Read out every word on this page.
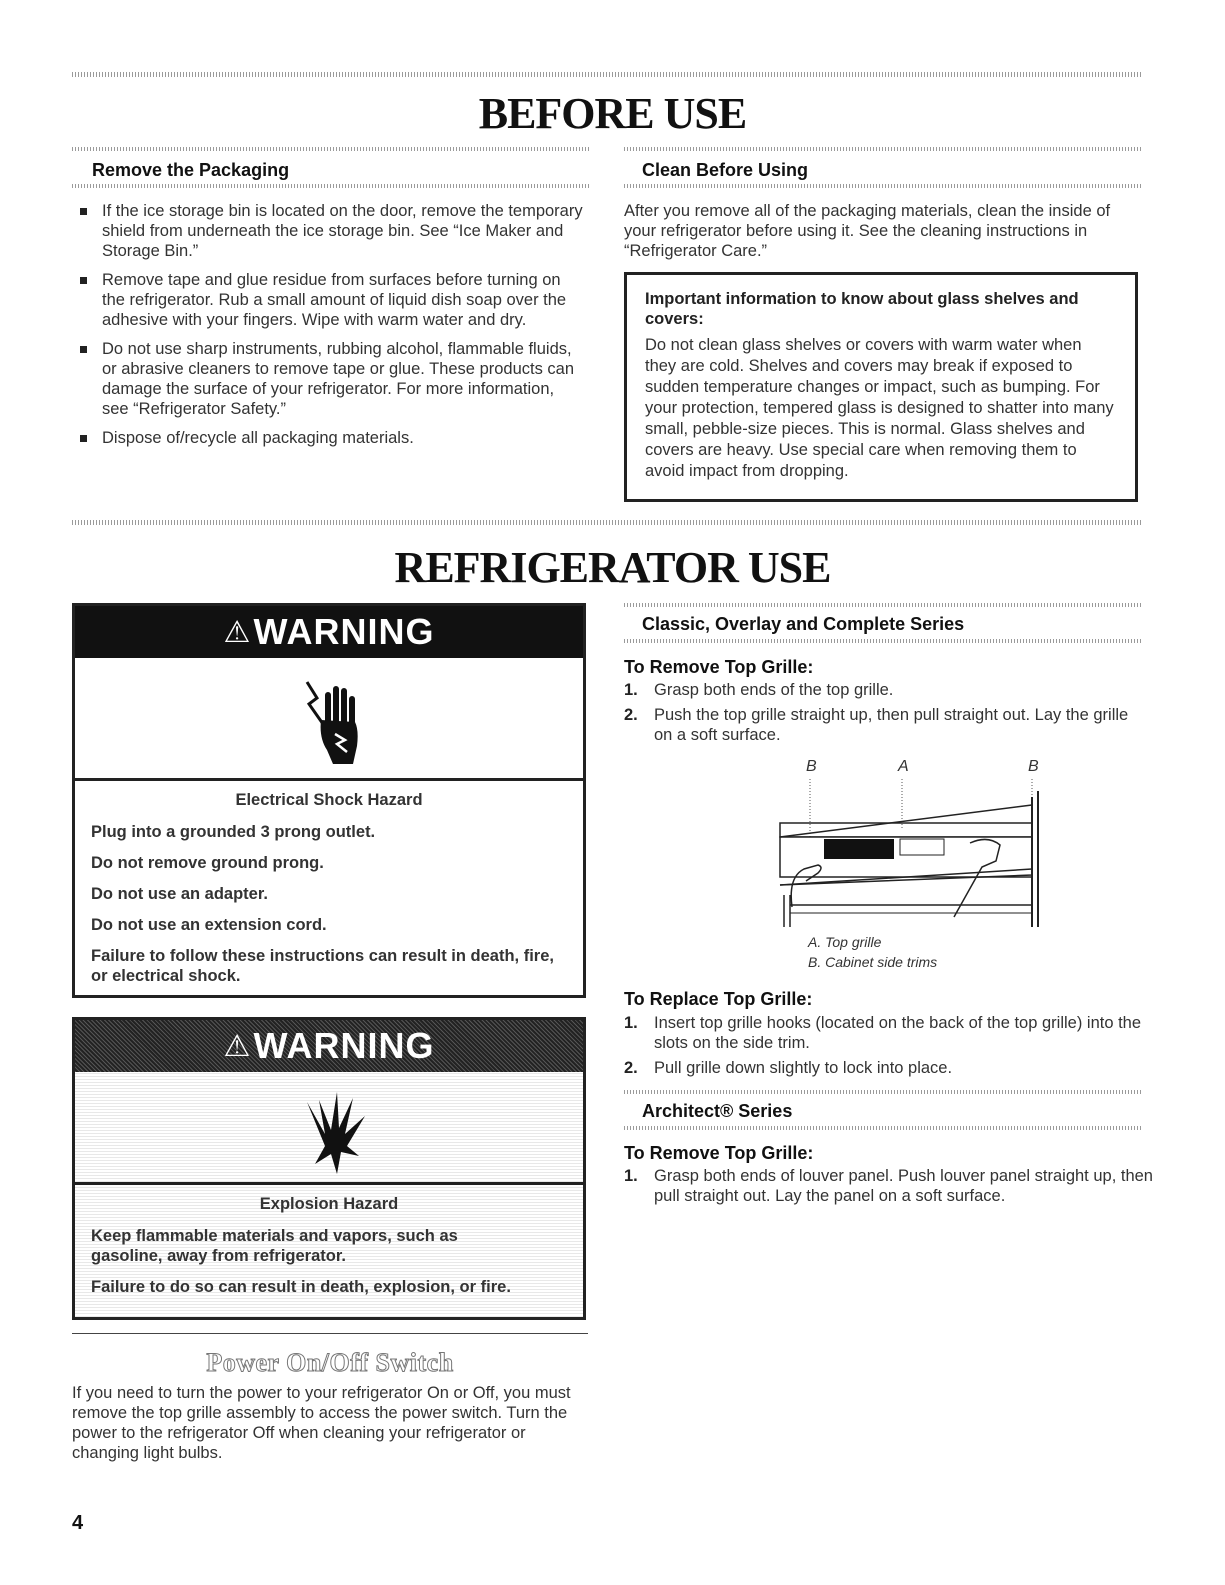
BEFORE USE
Remove the Packaging
If the ice storage bin is located on the door, remove the temporary shield from underneath the ice storage bin. See “Ice Maker and Storage Bin.”
Remove tape and glue residue from surfaces before turning on the refrigerator. Rub a small amount of liquid dish soap over the adhesive with your fingers. Wipe with warm water and dry.
Do not use sharp instruments, rubbing alcohol, flammable fluids, or abrasive cleaners to remove tape or glue. These products can damage the surface of your refrigerator. For more information, see “Refrigerator Safety.”
Dispose of/recycle all packaging materials.
Clean Before Using

After you remove all of the packaging materials, clean the inside of your refrigerator before using it. See the cleaning instructions in “Refrigerator Care.”

Important information to know about glass shelves and covers:

Do not clean glass shelves or covers with warm water when they are cold. Shelves and covers may break if exposed to sudden temperature changes or impact, such as bumping. For your protection, tempered glass is designed to shatter into many small, pebble-size pieces. This is normal. Glass shelves and covers are heavy. Use special care when removing them to avoid impact from dropping.

REFRIGERATOR USE
⚠WARNING
Electrical Shock Hazard

Plug into a grounded 3 prong outlet.

Do not remove ground prong.

Do not use an adapter.

Do not use an extension cord.

Failure to follow these instructions can result in death, fire, or electrical shock.

⚠WARNING
Explosion Hazard

Keep flammable materials and vapors, such as gasoline, away from refrigerator.

Failure to do so can result in death, explosion, or fire.

Power On/Off Switch

If you need to turn the power to your refrigerator On or Off, you must remove the top grille assembly to access the power switch. Turn the power to the refrigerator Off when cleaning your refrigerator or changing light bulbs.

Classic, Overlay and Complete Series
To Remove Top Grille:

1. Grasp both ends of the top grille.

2. Push the top grille straight up, then pull straight out. Lay the grille on a soft surface.

B	A	B

A. Top grille

B. Cabinet side trims

To Replace Top Grille:

1. Insert top grille hooks (located on the back of the top grille) into the slots on the side trim.

2. Pull grille down slightly to lock into place.

Architect® Series
To Remove Top Grille:

1. Grasp both ends of louver panel. Push louver panel straight up, then pull straight out. Lay the panel on a soft surface.

4
